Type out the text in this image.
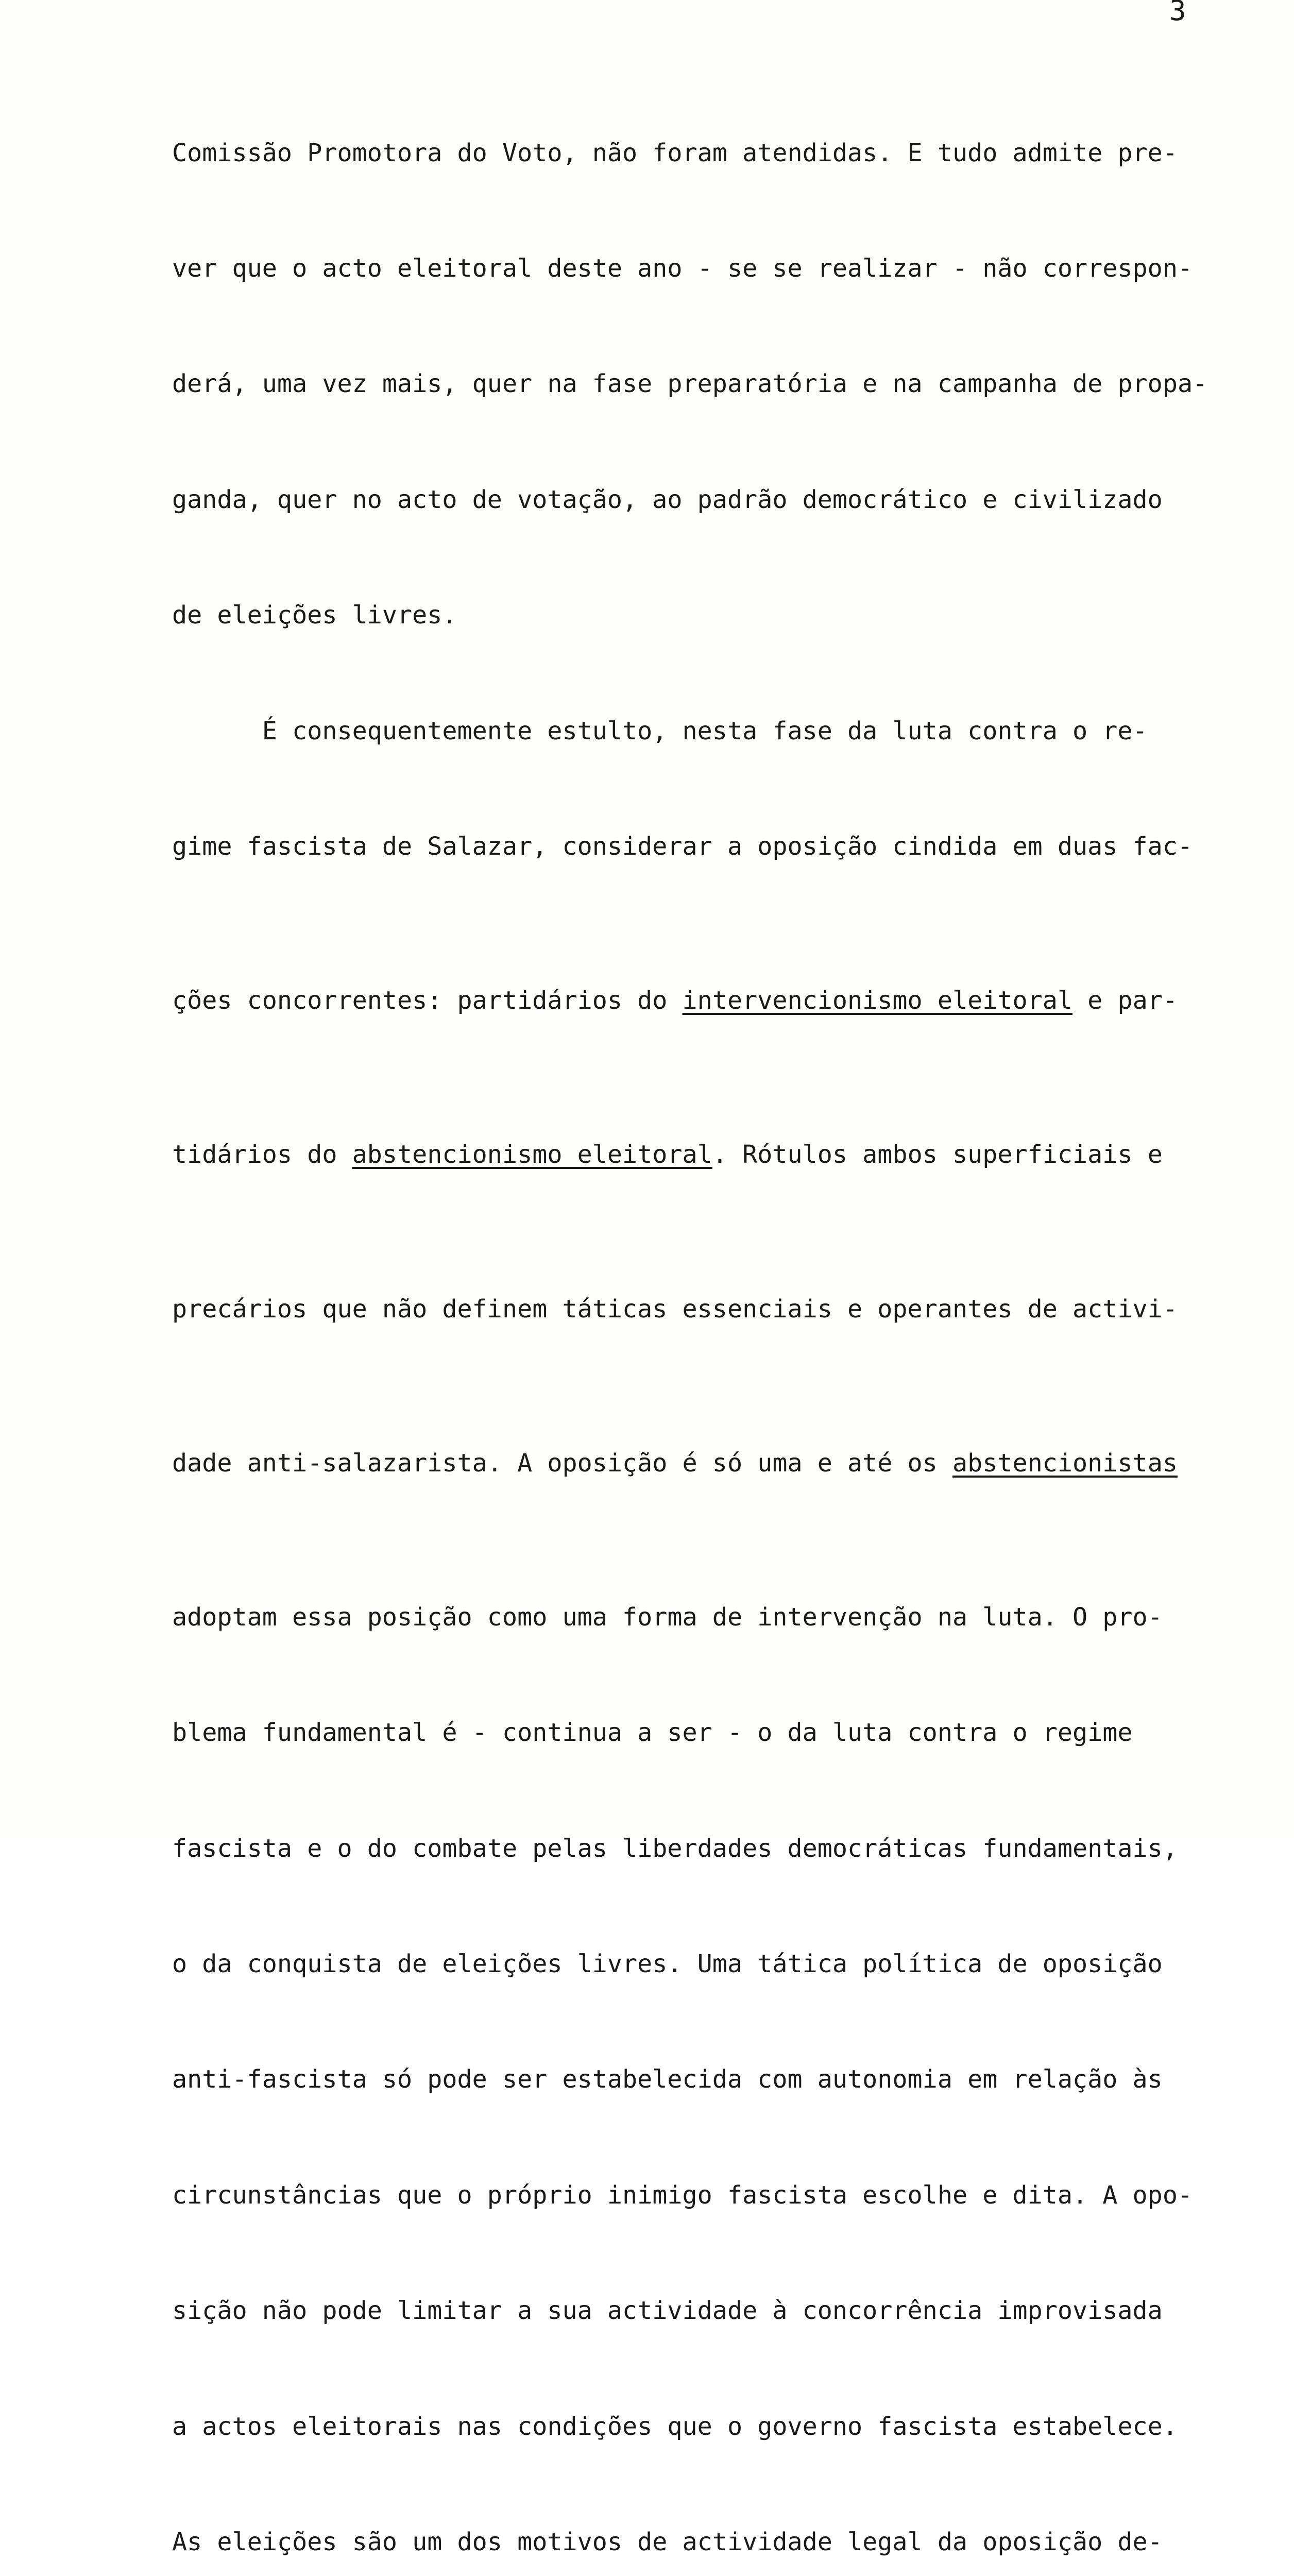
3

Comissão Promotora do Voto, não foram atendidas. E tudo admite pre-

ver que o acto eleitoral deste ano - se se realizar - não correspon-

derá, uma vez mais, quer na fase preparatória e na campanha de propa-

ganda, quer no acto de votação, ao padrão democrático e civilizado

de eleições livres.

É consequentemente estulto, nesta fase da luta contra o re-

gime fascista de Salazar, considerar a oposição cindida em duas fac-

ções concorrentes: partidários do intervencionismo eleitoral e par-

tidários do abstencionismo eleitoral. Rótulos ambos superficiais e

precários que não definem táticas essenciais e operantes de activi-

dade anti-salazarista. A oposição é só uma e até os abstencionistas

adoptam essa posição como uma forma de intervenção na luta. O pro-

blema fundamental é - continua a ser - o da luta contra o regime

fascista e o do combate pelas liberdades democráticas fundamentais,

o da conquista de eleições livres. Uma tática política de oposição

anti-fascista só pode ser estabelecida com autonomia em relação às

circunstâncias que o próprio inimigo fascista escolhe e dita. A opo-

sição não pode limitar a sua actividade à concorrência improvisada

a actos eleitorais nas condições que o governo fascista estabelece.

As eleições são um dos motivos de actividade legal da oposição de-
